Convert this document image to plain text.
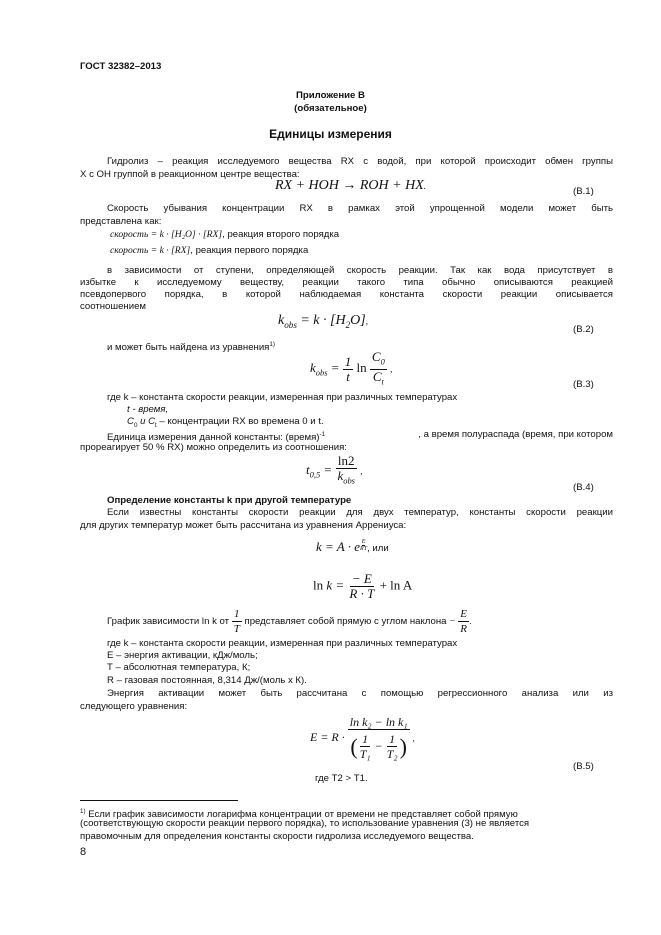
ГОСТ 32382–2013
Приложение В
(обязательное)
Единицы измерения
Гидролиз – реакция исследуемого вещества RX с водой, при которой происходит обмен группы
X с OH группой в реакционном центре вещества:
RX + HOH → ROH + HX.	(В.1)
Скорость убывания концентрации RX в рамках этой упрощенной модели может быть
представлена как:
скорость = k · [H₂O] · [RX], реакция второго порядка
скорость = k · [RX], реакция первого порядка
в зависимости от ступени, определяющей скорость реакции. Так как вода присутствует в
избытке к исследуемому веществу, реакции такого типа обычно описываются реакцией
псевдопервого порядка, в которой наблюдаемая константа скорости реакции описывается
соотношением
$k_{obs} = k \cdot [H_2O]$,
(В.2)
и может быть найдена из уравнения$^{1)}$
$k_{obs} = \frac{1}{t}$ $\ln \frac{C_0}{C_t}$ ,
(В.3)
где k – константа скорости реакции, измеренная при различных температурах
t - время,
$C_0$ и $C_t$ – концентрации RX во времена 0 и t.
Единица измерения данной константы: (время)$^{-1}$	, а время полураспада (время, при котором
прореагирует 50 % RX) можно определить из соотношения:
$t_{0,5} = \frac{\ln 2}{k_{obs}}$ ,
(В.4)
Определение константы k при другой температуре
Если известны константы скорости реакции для двух температур, константы скорости реакции
для других температур может быть рассчитана из уравнения Аррениуса:
k = A · e $\frac{E}{RT}$ , или
$\ln k = \frac{- E}{R \cdot T} + \ln A$
График зависимости ln k от $\frac{1}{T}$ представляет собой прямую с углом наклона − $\frac{E}{R}$ .
где k – константа скорости реакции, измеренная при различных температурах
E – энергия активации, кДж/моль;
T – абсолютная температура, К;
R – газовая постоянная, 8,314 Дж/(моль х К).
Энергия активации может быть рассчитана с помощью регрессионного анализа или из
следующего уравнения:
$E = R \cdot \frac{\text{ln k₂ − ln k₁}}{( \frac{1}{\text{T₁}} - \frac{1}{\text{T₂}} )}$ ,
(В.5)
где Т2 > Т1.
$^{1)}$ Если график зависимости логарифма концентрации от времени не представляет собой прямую
(соответствующую скорости реакции первого порядка), то использование уравнения (3) не является
правомочным для определения константы скорости гидролиза исследуемого вещества.
8
